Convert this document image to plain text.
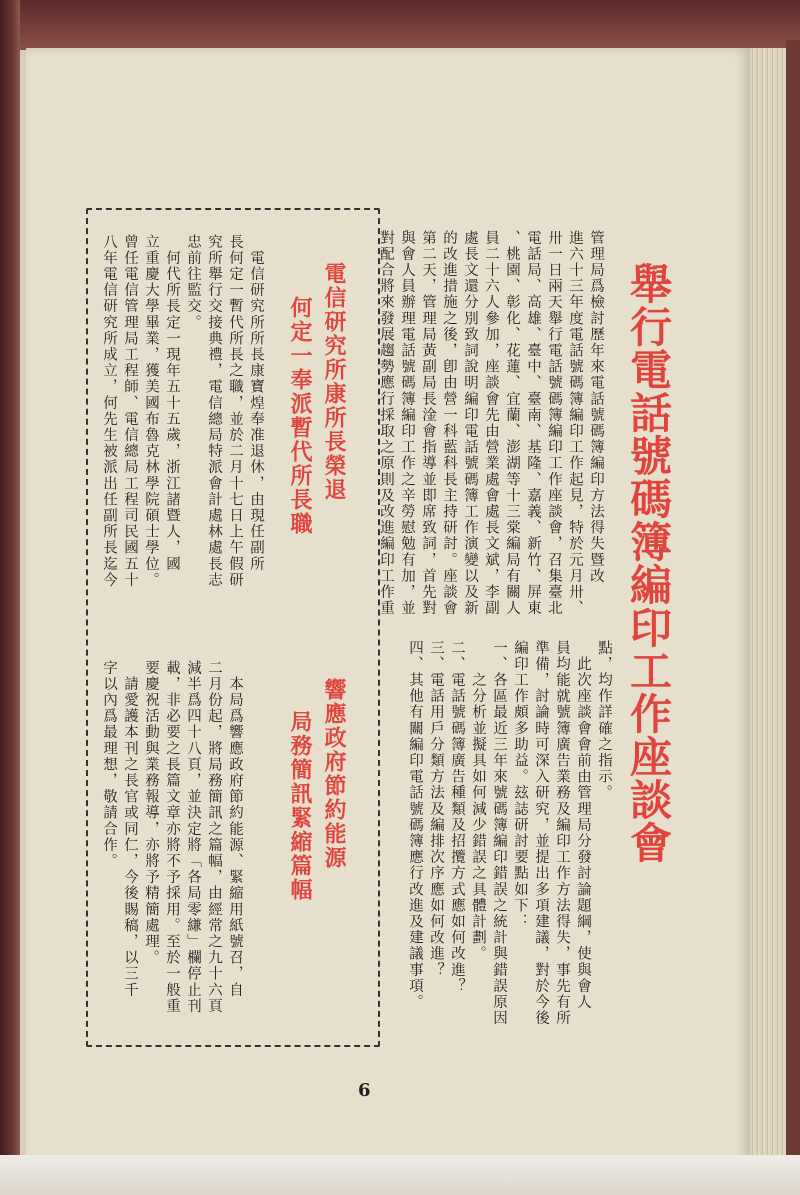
舉行電話號碼簿編印工作座談會
管理局爲檢討歷年來電話號碼簿編印方法得失暨改進六十三年度電話號碼簿編印工作起見，特於元月卅、卅一日兩天舉行電話號碼簿編印工作座談會，召集臺北電話局、高雄、臺中、臺南、基隆、嘉義、新竹、屏東、桃園、彰化、花蓮、宜蘭、澎湖等十三棠編局有關人員二十六人參加，座談會先由營業處會處長文斌，李副處長文還分別致詞說明編印電話號碼簿工作演變以及新的改進措施之後，卽由營一科藍科長主持研討。座談會第二天，管理局黃副局長淦會指導並即席致詞，首先對與會人員辦理電話號碼簿編印工作之辛勞慰勉有加，並對配合將來發展趨勢應行採取之原則及改進編印工作重
點，均作詳確之指示。　此次座談會會前由管理局分發討論題綱，使與會人員均能就號簿廣告業務及編印工作方法得失，事先有所準備，討論時可深入研究，並提出多項建議，對於今後編印工作頗多助益。玆誌研討要點如下：一、各區最近三年來號碼簿編印錯誤之統計與錯誤原因　　之分析並擬具如何減少錯誤之具體計劃。二、電話號碼簿廣告種類及招攬方式應如何改進？三、電話用戶分類方法及編排次序應如何改進？四、其他有關編印電話號碼簿應行改進及建議事項。
電信研究所康所長榮退
何定一奉派暫代所長職
　電信研究所所長康寶煌奉准退休，由現任副所長何定一暫代所長之職，並於二月十七日上午假研究所舉行交接典禮，電信總局特派會計處林處長志忠前往監交。　何代所長定一現年五十五歲，浙江諸暨人，國立重慶大學畢業，獲美國布魯克林學院碩士學位。曾任電信管理局工程師、電信總局工程司民國五十八年電信研究所成立，何先生被派出任副所長迄今
響應政府節約能源
局務簡訊緊縮篇幅
　本局爲響應政府節約能源、緊縮用紙號召，自二月份起，將局務簡訊之篇幅，由經常之九十六頁減半爲四十八頁，並決定將「各局零縑」欄停止刊載，非必要之長篇文章亦將不予採用。至於一般重要慶祝活動與業務報導，亦將予精簡處理。　請愛護本刊之長官或同仁，今後賜稿，以三千字以內爲最理想，敬請合作。
6
